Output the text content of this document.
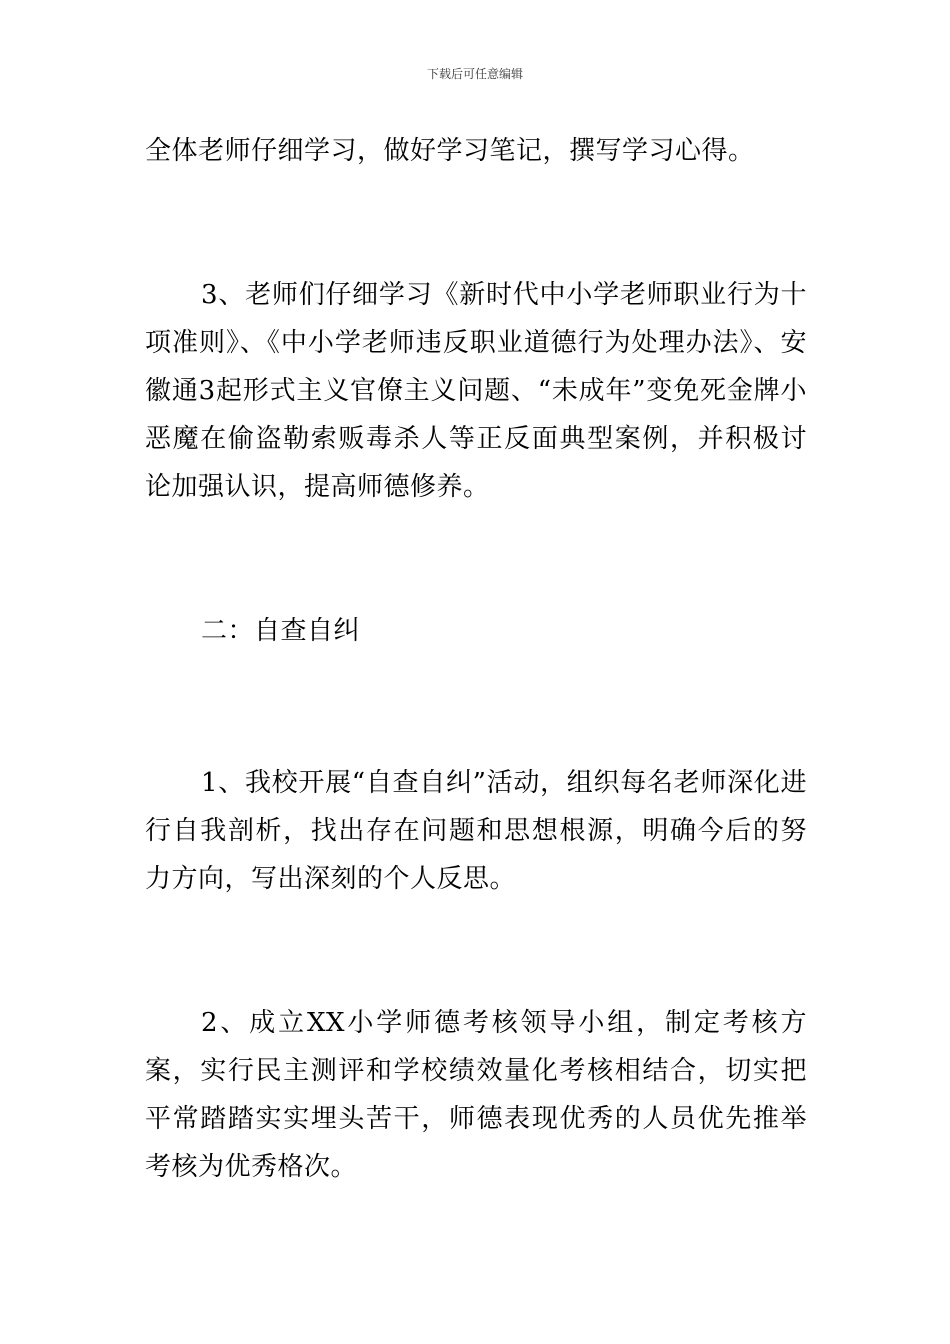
下载后可任意编辑

全体老师仔细学习，做好学习笔记，撰写学习心得。

3、老师们仔细学习《新时代中小学老师职业行为十项准则》、《中小学老师违反职业道德行为处理办法》、安徽通3起形式主义官僚主义问题、“未成年”变免死金牌小恶魔在偷盗勒索贩毒杀人等正反面典型案例，并积极讨论加强认识，提高师德修养。

二：自查自纠

1、我校开展“自查自纠”活动，组织每名老师深化进行自我剖析，找出存在问题和思想根源，明确今后的努力方向，写出深刻的个人反思。

2、成立XX小学师德考核领导小组，制定考核方案，实行民主测评和学校绩效量化考核相结合，切实把平常踏踏实实埋头苦干，师德表现优秀的人员优先推举考核为优秀格次。
